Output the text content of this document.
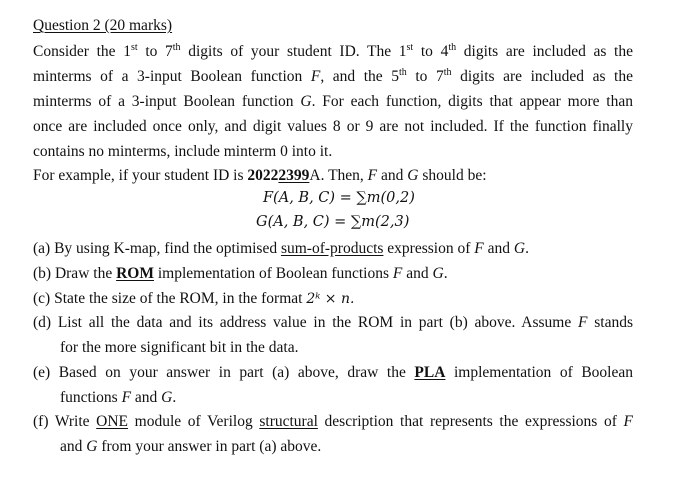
Question 2 (20 marks)
Consider the 1st to 7th digits of your student ID. The 1st to 4th digits are included as the
minterms of a 3-input Boolean function F, and the 5th to 7th digits are included as the
minterms of a 3-input Boolean function G. For each function, digits that appear more than
once are included once only, and digit values 8 or 9 are not included. If the function finally
contains no minterms, include minterm 0 into it.
For example, if your student ID is 20222399A. Then, F and G should be:
F(A, B, C) = ∑m(0,2)
G(A, B, C) = ∑m(2,3)
(a) By using K-map, find the optimised sum-of-products expression of F and G.
(b) Draw the ROM implementation of Boolean functions F and G.
(c) State the size of the ROM, in the format 2ᵏ × n.
(d) List all the data and its address value in the ROM in part (b) above. Assume F stands
for the more significant bit in the data.
(e) Based on your answer in part (a) above, draw the PLA implementation of Boolean
functions F and G.
(f) Write ONE module of Verilog structural description that represents the expressions of F
and G from your answer in part (a) above.
